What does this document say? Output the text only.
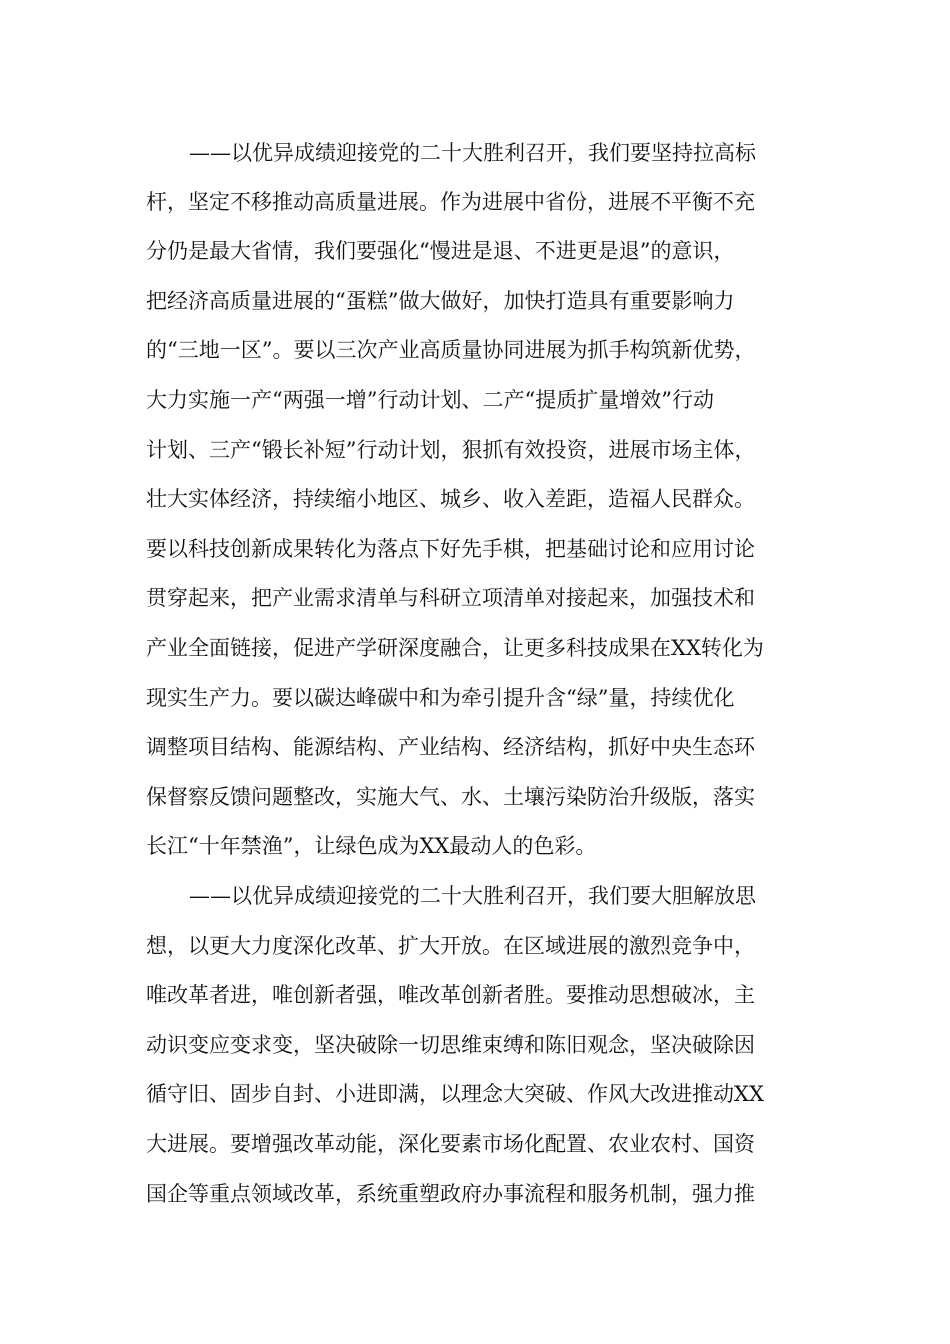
——以优异成绩迎接党的二十大胜利召开，我们要坚持拉高标

杆，坚定不移推动高质量进展。作为进展中省份，进展不平衡不充

分仍是最大省情，我们要强化“慢进是退、不进更是退”的意识，

把经济高质量进展的“蛋糕”做大做好，加快打造具有重要影响力

的“三地一区”。要以三次产业高质量协同进展为抓手构筑新优势，

大力实施一产“两强一增”行动计划、二产“提质扩量增效”行动

计划、三产“锻长补短”行动计划，狠抓有效投资，进展市场主体，

壮大实体经济，持续缩小地区、城乡、收入差距，造福人民群众。

要以科技创新成果转化为落点下好先手棋，把基础讨论和应用讨论

贯穿起来，把产业需求清单与科研立项清单对接起来，加强技术和

产业全面链接，促进产学研深度融合，让更多科技成果在XX转化为

现实生产力。要以碳达峰碳中和为牵引提升含“绿”量，持续优化

调整项目结构、能源结构、产业结构、经济结构，抓好中央生态环

保督察反馈问题整改，实施大气、水、土壤污染防治升级版，落实

长江“十年禁渔”，让绿色成为XX最动人的色彩。

——以优异成绩迎接党的二十大胜利召开，我们要大胆解放思

想，以更大力度深化改革、扩大开放。在区域进展的激烈竞争中，

唯改革者进，唯创新者强，唯改革创新者胜。要推动思想破冰，主

动识变应变求变，坚决破除一切思维束缚和陈旧观念，坚决破除因

循守旧、固步自封、小进即满，以理念大突破、作风大改进推动XX

大进展。要增强改革动能，深化要素市场化配置、农业农村、国资

国企等重点领域改革，系统重塑政府办事流程和服务机制，强力推
